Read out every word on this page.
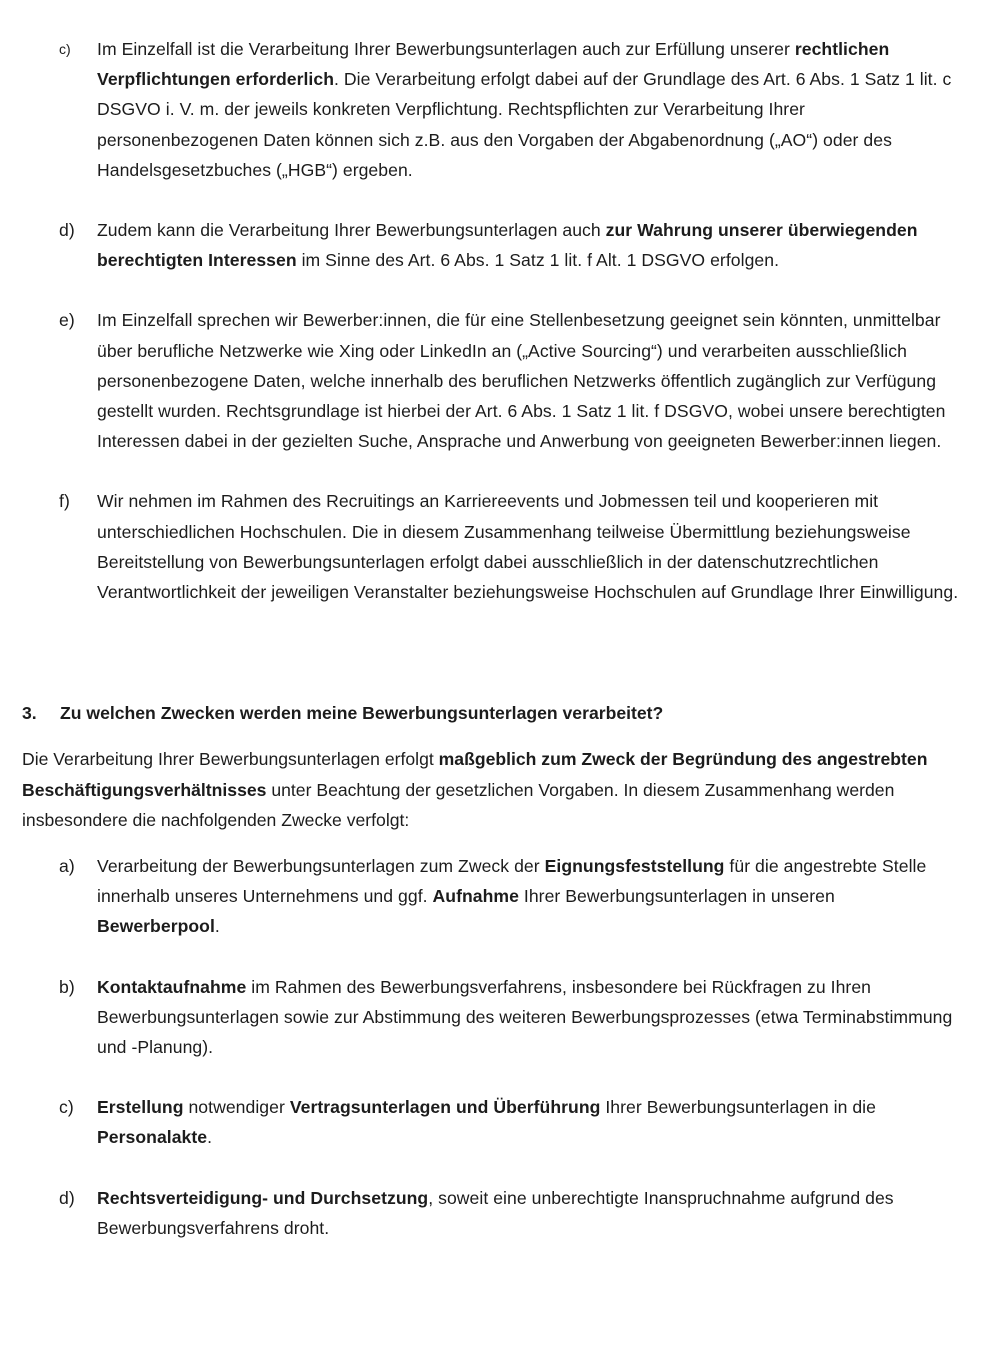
c) Im Einzelfall ist die Verarbeitung Ihrer Bewerbungsunterlagen auch zur Erfüllung unserer rechtlichen Verpflichtungen erforderlich. Die Verarbeitung erfolgt dabei auf der Grundlage des Art. 6 Abs. 1 Satz 1 lit. c DSGVO i. V. m. der jeweils konkreten Verpflichtung. Rechtspflichten zur Verarbeitung Ihrer personenbezogenen Daten können sich z.B. aus den Vorgaben der Abgabenordnung („AO“) oder des Handelsgesetzbuches („HGB“) ergeben.
d) Zudem kann die Verarbeitung Ihrer Bewerbungsunterlagen auch zur Wahrung unserer überwiegenden berechtigten Interessen im Sinne des Art. 6 Abs. 1 Satz 1 lit. f Alt. 1 DSGVO erfolgen.
e) Im Einzelfall sprechen wir Bewerber:innen, die für eine Stellenbesetzung geeignet sein könnten, unmittelbar über berufliche Netzwerke wie Xing oder LinkedIn an („Active Sourcing“) und verarbeiten ausschließlich personenbezogene Daten, welche innerhalb des beruflichen Netzwerks öffentlich zugänglich zur Verfügung gestellt wurden. Rechtsgrundlage ist hierbei der Art. 6 Abs. 1 Satz 1 lit. f DSGVO, wobei unsere berechtigten Interessen dabei in der gezielten Suche, Ansprache und Anwerbung von geeigneten Bewerber:innen liegen.
f) Wir nehmen im Rahmen des Recruitings an Karriereevents und Jobmessen teil und kooperieren mit unterschiedlichen Hochschulen. Die in diesem Zusammenhang teilweise Übermittlung beziehungsweise Bereitstellung von Bewerbungsunterlagen erfolgt dabei ausschließlich in der datenschutzrechtlichen Verantwortlichkeit der jeweiligen Veranstalter beziehungsweise Hochschulen auf Grundlage Ihrer Einwilligung.
3. Zu welchen Zwecken werden meine Bewerbungsunterlagen verarbeitet?
Die Verarbeitung Ihrer Bewerbungsunterlagen erfolgt maßgeblich zum Zweck der Begründung des angestrebten Beschäftigungsverhältnisses unter Beachtung der gesetzlichen Vorgaben. In diesem Zusammenhang werden insbesondere die nachfolgenden Zwecke verfolgt:
a) Verarbeitung der Bewerbungsunterlagen zum Zweck der Eignungsfeststellung für die angestrebte Stelle innerhalb unseres Unternehmens und ggf. Aufnahme Ihrer Bewerbungsunterlagen in unseren Bewerberpool.
b) Kontaktaufnahme im Rahmen des Bewerbungsverfahrens, insbesondere bei Rückfragen zu Ihren Bewerbungsunterlagen sowie zur Abstimmung des weiteren Bewerbungsprozesses (etwa Terminabstimmung und -Planung).
c) Erstellung notwendiger Vertragsunterlagen und Überführung Ihrer Bewerbungsunterlagen in die Personalakte.
d) Rechtsverteidigung- und Durchsetzung, soweit eine unberechtigte Inanspruchnahme aufgrund des Bewerbungsverfahrens droht.
